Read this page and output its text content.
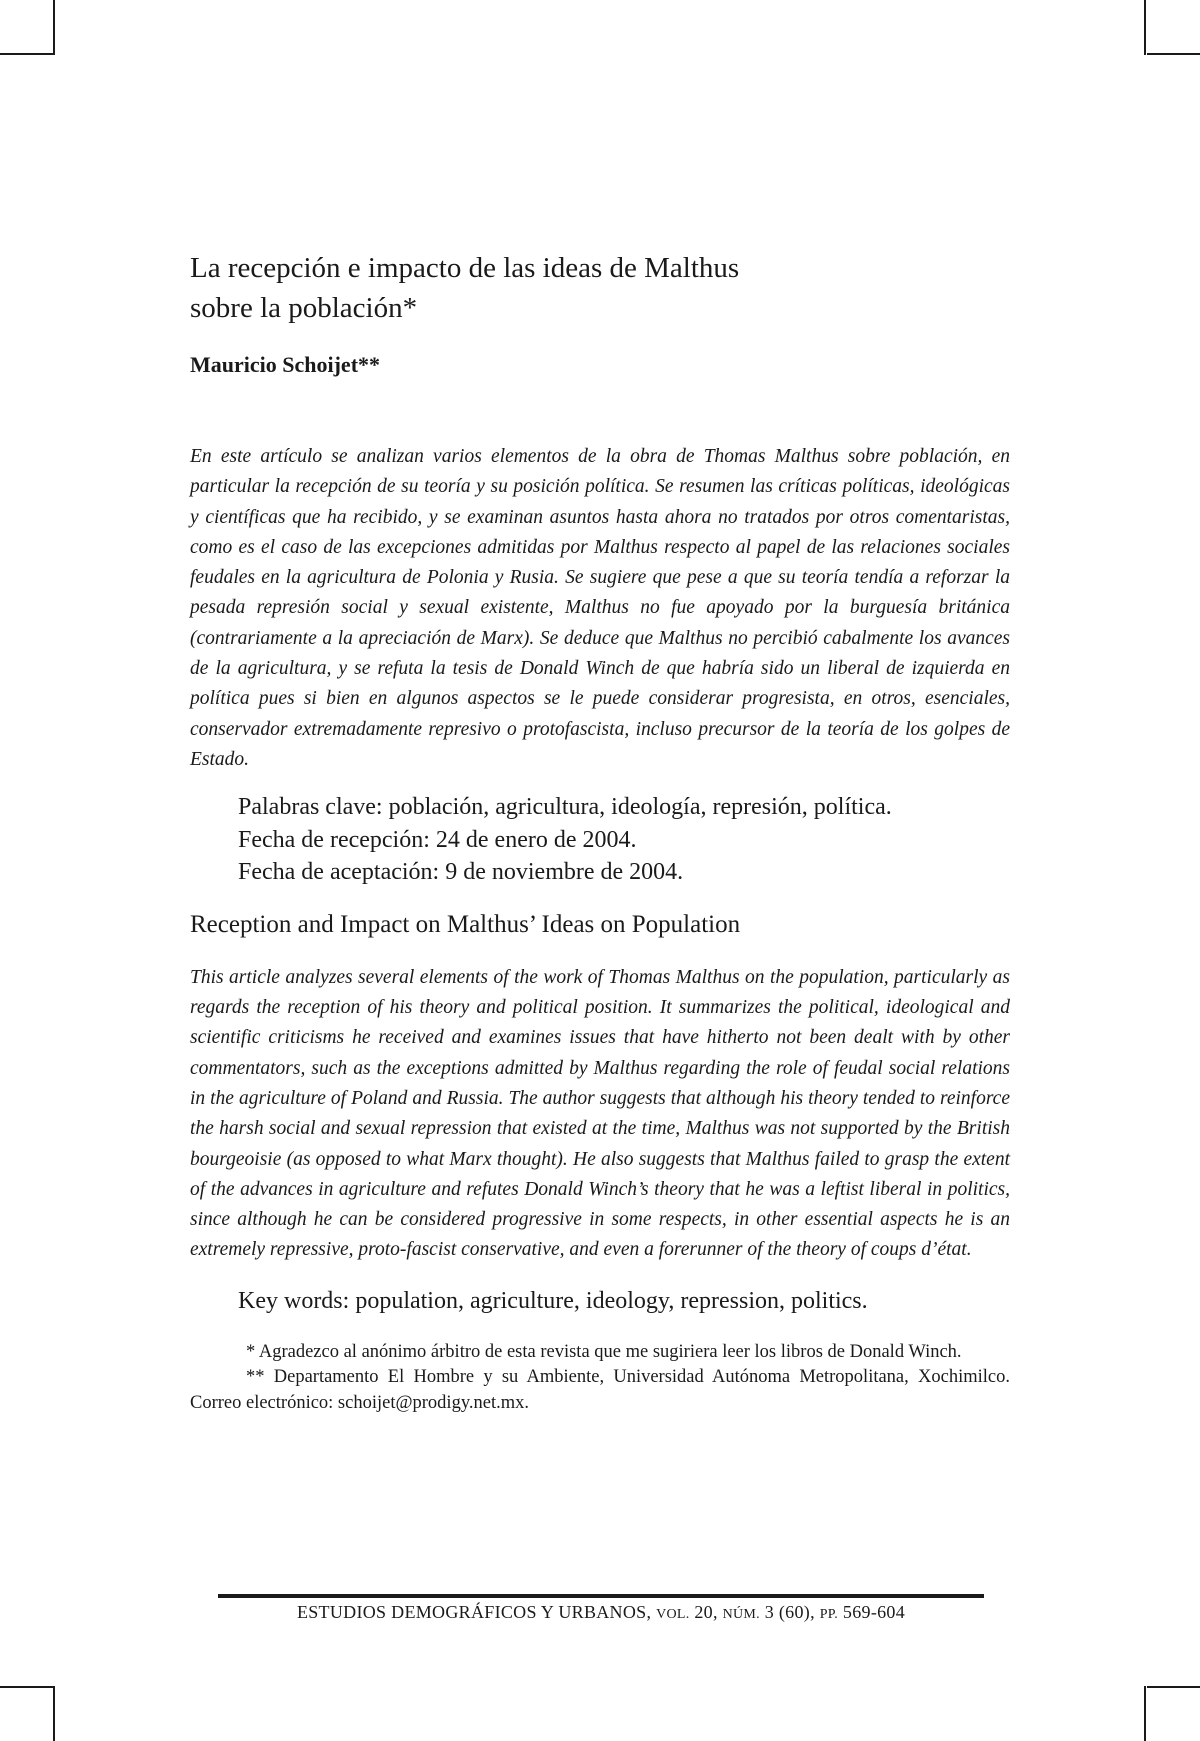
La recepción e impacto de las ideas de Malthus
sobre la población*

Mauricio Schoijet**

En este artículo se analizan varios elementos de la obra de Thomas Malthus sobre población, en particular la recepción de su teoría y su posición política. Se resumen las críticas políticas, ideológicas y científicas que ha recibido, y se examinan asuntos hasta ahora no tratados por otros comentaristas, como es el caso de las excepciones admitidas por Malthus respecto al papel de las relaciones sociales feudales en la agricultura de Polonia y Rusia. Se sugiere que pese a que su teoría tendía a reforzar la pesada represión social y sexual existente, Malthus no fue apoyado por la burguesía británica (contrariamente a la apreciación de Marx). Se deduce que Malthus no percibió cabalmente los avances de la agricultura, y se refuta la tesis de Donald Winch de que habría sido un liberal de izquierda en política pues si bien en algunos aspectos se le puede considerar progresista, en otros, esenciales, conservador extremadamente represivo o protofascista, incluso precursor de la teoría de los golpes de Estado.

Palabras clave: población, agricultura, ideología, represión, política.
Fecha de recepción: 24 de enero de 2004.
Fecha de aceptación: 9 de noviembre de 2004.
Reception and Impact on Malthus’ Ideas on Population

This article analyzes several elements of the work of Thomas Malthus on the population, particularly as regards the reception of his theory and political position. It summarizes the political, ideological and scientific criticisms he received and examines issues that have hitherto not been dealt with by other commentators, such as the exceptions admitted by Malthus regarding the role of feudal social relations in the agriculture of Poland and Russia. The author suggests that although his theory tended to reinforce the harsh social and sexual repression that existed at the time, Malthus was not supported by the British bourgeoisie (as opposed to what Marx thought). He also suggests that Malthus failed to grasp the extent of the advances in agriculture and refutes Donald Winch’s theory that he was a leftist liberal in politics, since although he can be considered progressive in some respects, in other essential aspects he is an extremely repressive, proto-fascist conservative, and even a forerunner of the theory of coups d’état.

Key words: population, agriculture, ideology, repression, politics.

* Agradezco al anónimo árbitro de esta revista que me sugiriera leer los libros de Donald Winch.

** Departamento El Hombre y su Ambiente, Universidad Autónoma Metropolitana, Xochimilco. Correo electrónico: schoijet@prodigy.net.mx.

ESTUDIOS DEMOGRÁFICOS Y URBANOS, VOL. 20, NÚM. 3 (60), PP. 569-604
